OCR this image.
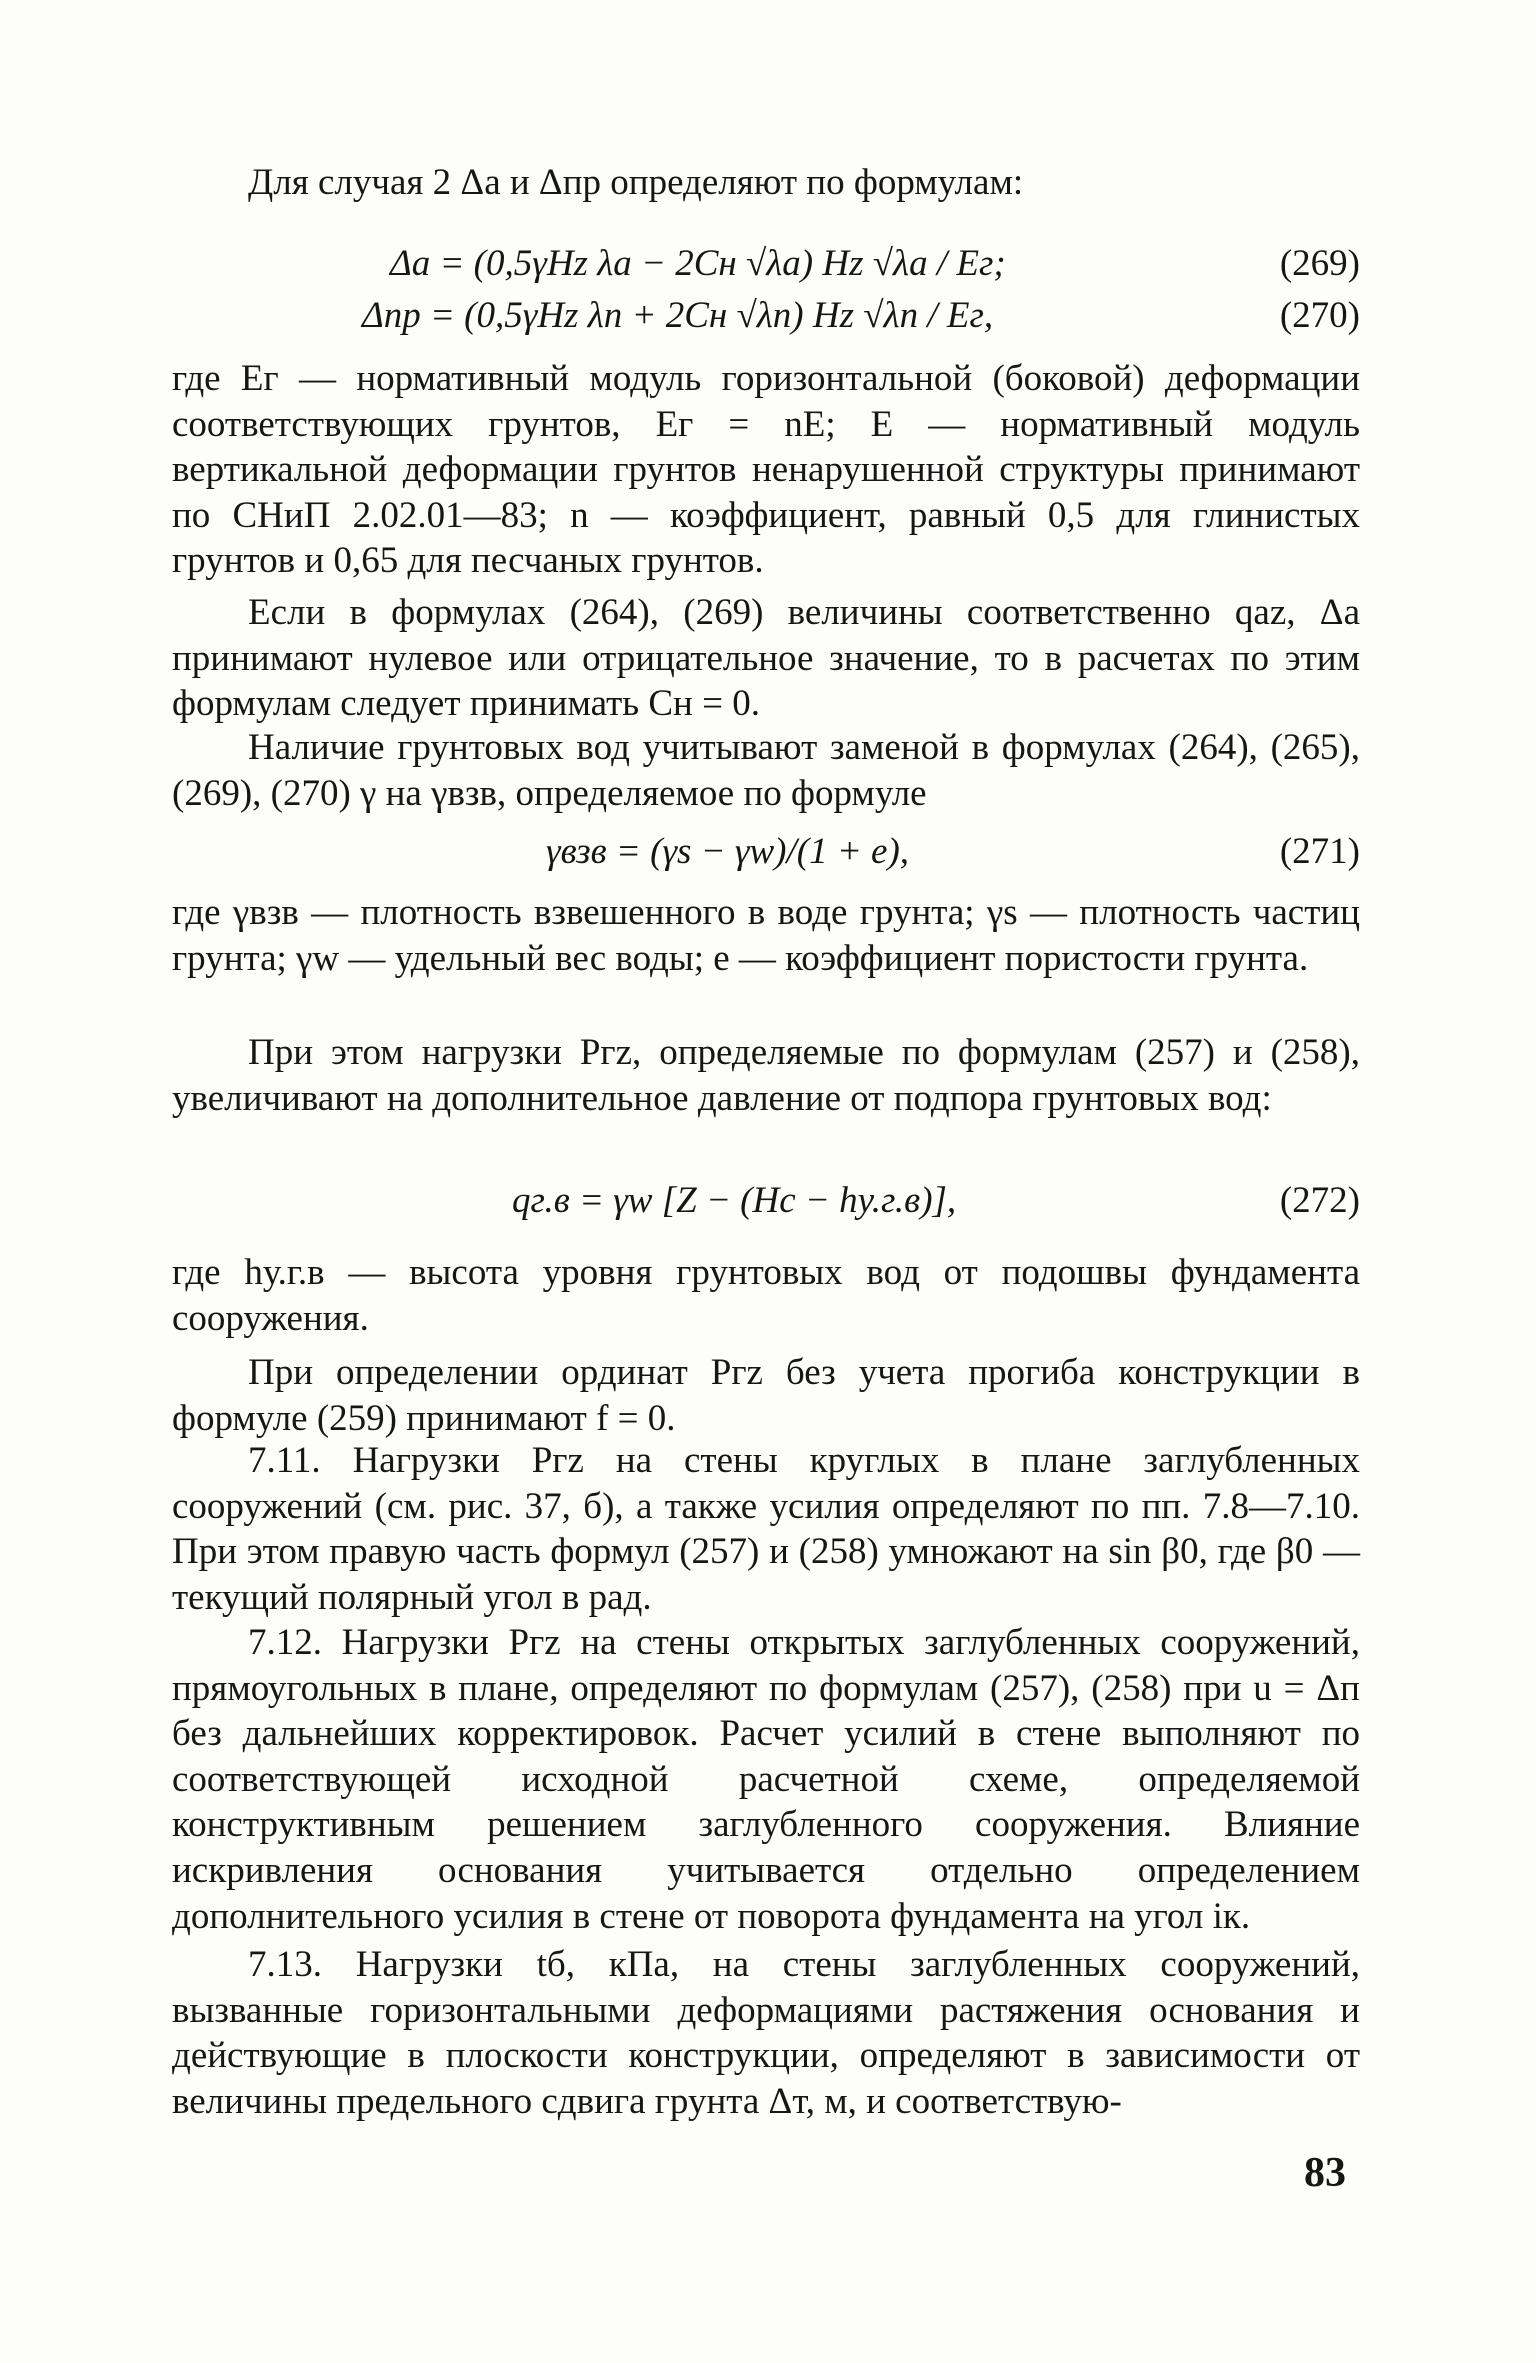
Для случая 2 Δа и Δпр определяют по формулам:
Δа = (0,5γHz λа − 2Cн √λа) Hz √λа / Eг;	(269)
Δпр = (0,5γHz λп + 2Cн √λп) Hz √λп / Eг,	(270)
где Eг — нормативный модуль горизонтальной (боковой) деформации соответствующих грунтов, Eг = nE; E — нормативный модуль вертикальной деформации грунтов ненарушенной структуры принимают по СНиП 2.02.01—83; n — коэффициент, равный 0,5 для глинистых грунтов и 0,65 для песчаных грунтов.
Если в формулах (264), (269) величины соответственно qаz, Δа принимают нулевое или отрицательное значение, то в расчетах по этим формулам следует принимать Cн = 0.
Наличие грунтовых вод учитывают заменой в формулах (264), (265), (269), (270) γ на γвзв, определяемое по формуле
γвзв = (γs − γw)/(1 + e),	(271)
где γвзв — плотность взвешенного в воде грунта; γs — плотность частиц грунта; γw — удельный вес воды; e — коэффициент пористости грунта.
При этом нагрузки Pгz, определяемые по формулам (257) и (258), увеличивают на дополнительное давление от подпора грунтовых вод:
qг.в = γw [Z − (Hc − hу.г.в)],	(272)
где hу.г.в — высота уровня грунтовых вод от подошвы фундамента сооружения.
При определении ординат Pгz без учета прогиба конструкции в формуле (259) принимают f = 0.
7.11. Нагрузки Pгz на стены круглых в плане заглубленных сооружений (см. рис. 37, б), а также усилия определяют по пп. 7.8—7.10. При этом правую часть формул (257) и (258) умножают на sin β0, где β0 — текущий полярный угол в рад.
7.12. Нагрузки Pгz на стены открытых заглубленных сооружений, прямоугольных в плане, определяют по формулам (257), (258) при u = Δп без дальнейших корректировок. Расчет усилий в стене выполняют по соответствующей исходной расчетной схеме, определяемой конструктивным решением заглубленного сооружения. Влияние искривления основания учитывается отдельно определением дополнительного усилия в стене от поворота фундамента на угол iк.
7.13. Нагрузки tб, кПа, на стены заглубленных сооружений, вызванные горизонтальными деформациями растяжения основания и действующие в плоскости конструкции, определяют в зависимости от величины предельного сдвига грунта Δт, м, и соответствую-
83
